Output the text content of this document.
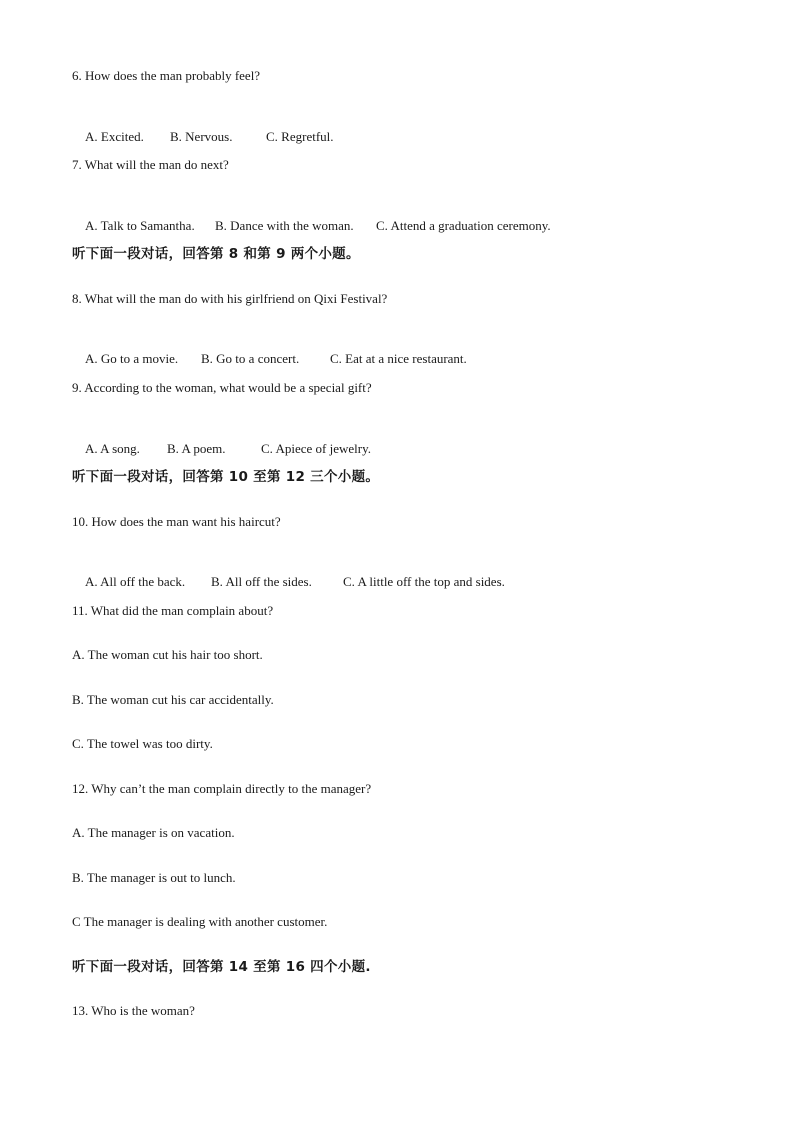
6. How does the man probably feel?

A. Excited. B. Nervous.	C. Regretful.

7. What will the man do next?

A. Talk to Samantha. B. Dance with the woman. C. Attend a graduation ceremony.

听下面一段对话，回答第 8 和第 9 两个小题。
8. What will the man do with his girlfriend on Qixi Festival?

A. Go to a movie. B. Go to a concert. C. Eat at a nice restaurant.

9. According to the woman, what would be a special gift?

A. A song. B. A poem.	C. Apiece of jewelry.

听下面一段对话，回答第 10 至第 12 三个小题。
10. How does the man want his haircut?

A. All off the back. B. All off the sides. C. A little off the top and sides.

11. What did the man complain about?
A. The woman cut his hair too short.
B. The woman cut his car accidentally.
C. The towel was too dirty.
12. Why can’t the man complain directly to the manager?
A. The manager is on vacation.
B. The manager is out to lunch.
C The manager is dealing with another customer.
听下面一段对话，回答第 14 至第 16 四个小题.
13. Who is the woman?
